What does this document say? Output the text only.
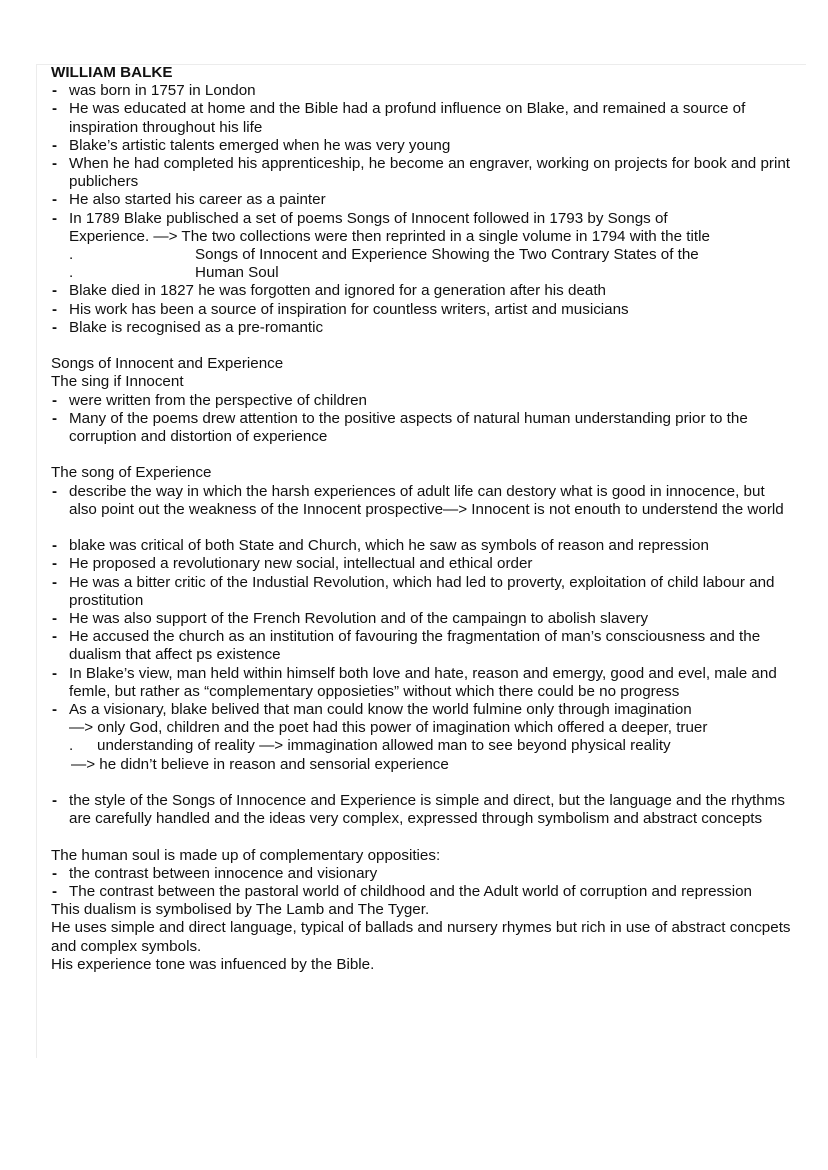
WILLIAM BALKE
- was born in 1757 in London
- He was educated at home and the Bible had a profund influence on Blake, and remained a source of inspiration throughout his life
- Blake’s artistic talents emerged when he was very young
- When he had completed his apprenticeship, he become an engraver, working on projects for book and print publichers
- He also started his career as a painter
- In 1789 Blake publisched a set of poems Songs of Innocent followed in 1793 by Songs of
Experience. —> The two collections were then reprinted in a single volume in 1794 with the title
.	Songs of Innocent and Experience Showing the Two Contrary States of the
.	Human Soul
- Blake died in 1827 he was forgotten and ignored for a generation after his death
- His work has been a source of inspiration for countless writers, artist and musicians
- Blake is recognised as a pre-romantic
Songs of Innocent and Experience
The sing if Innocent
- were written from the perspective of children
- Many of the poems drew attention to the positive aspects of natural human understanding prior to the corruption and distortion of experience
The song of Experience
- describe the way in which the harsh experiences of adult life can destory what is good in innocence, but also point out the weakness of the Innocent prospective—> Innocent is not enouth to understend the world
- blake was critical of both State and Church, which he saw as symbols of reason and repression
- He proposed a revolutionary new social, intellectual and ethical order
- He was a bitter critic of the Industial Revolution, which had led to proverty, exploitation of child labour and prostitution
- He was also support of the French Revolution and of the campaingn to abolish slavery
- He accused the church as an institution of favouring the fragmentation of man’s consciousness and the dualism that affect ps existence
- In Blake’s view, man held within himself both love and hate, reason and emergy, good and evel, male and femle, but rather as “complementary opposieties” without which there could be no progress
- As a visionary, blake belived that man could know the world fulmine only through imagination
—> only God, children and the poet had this power of imagination which offered a deeper, truer
. understanding of reality —> immagination allowed man to see beyond physical reality
—> he didn’t believe in reason and sensorial experience
- the style of the Songs of Innocence and Experience is simple and direct, but the language and the rhythms are carefully handled and the ideas very complex, expressed through symbolism and abstract concepts
The human soul is made up of complementary opposities:
- the contrast between innocence and visionary
- The contrast between the pastoral world of childhood and the Adult world of corruption and repression
This dualism is symbolised by The Lamb and The Tyger.
He uses simple and direct language, typical of ballads and nursery rhymes but rich in use of abstract concpets and complex symbols.
His experience tone was infuenced by the Bible.
